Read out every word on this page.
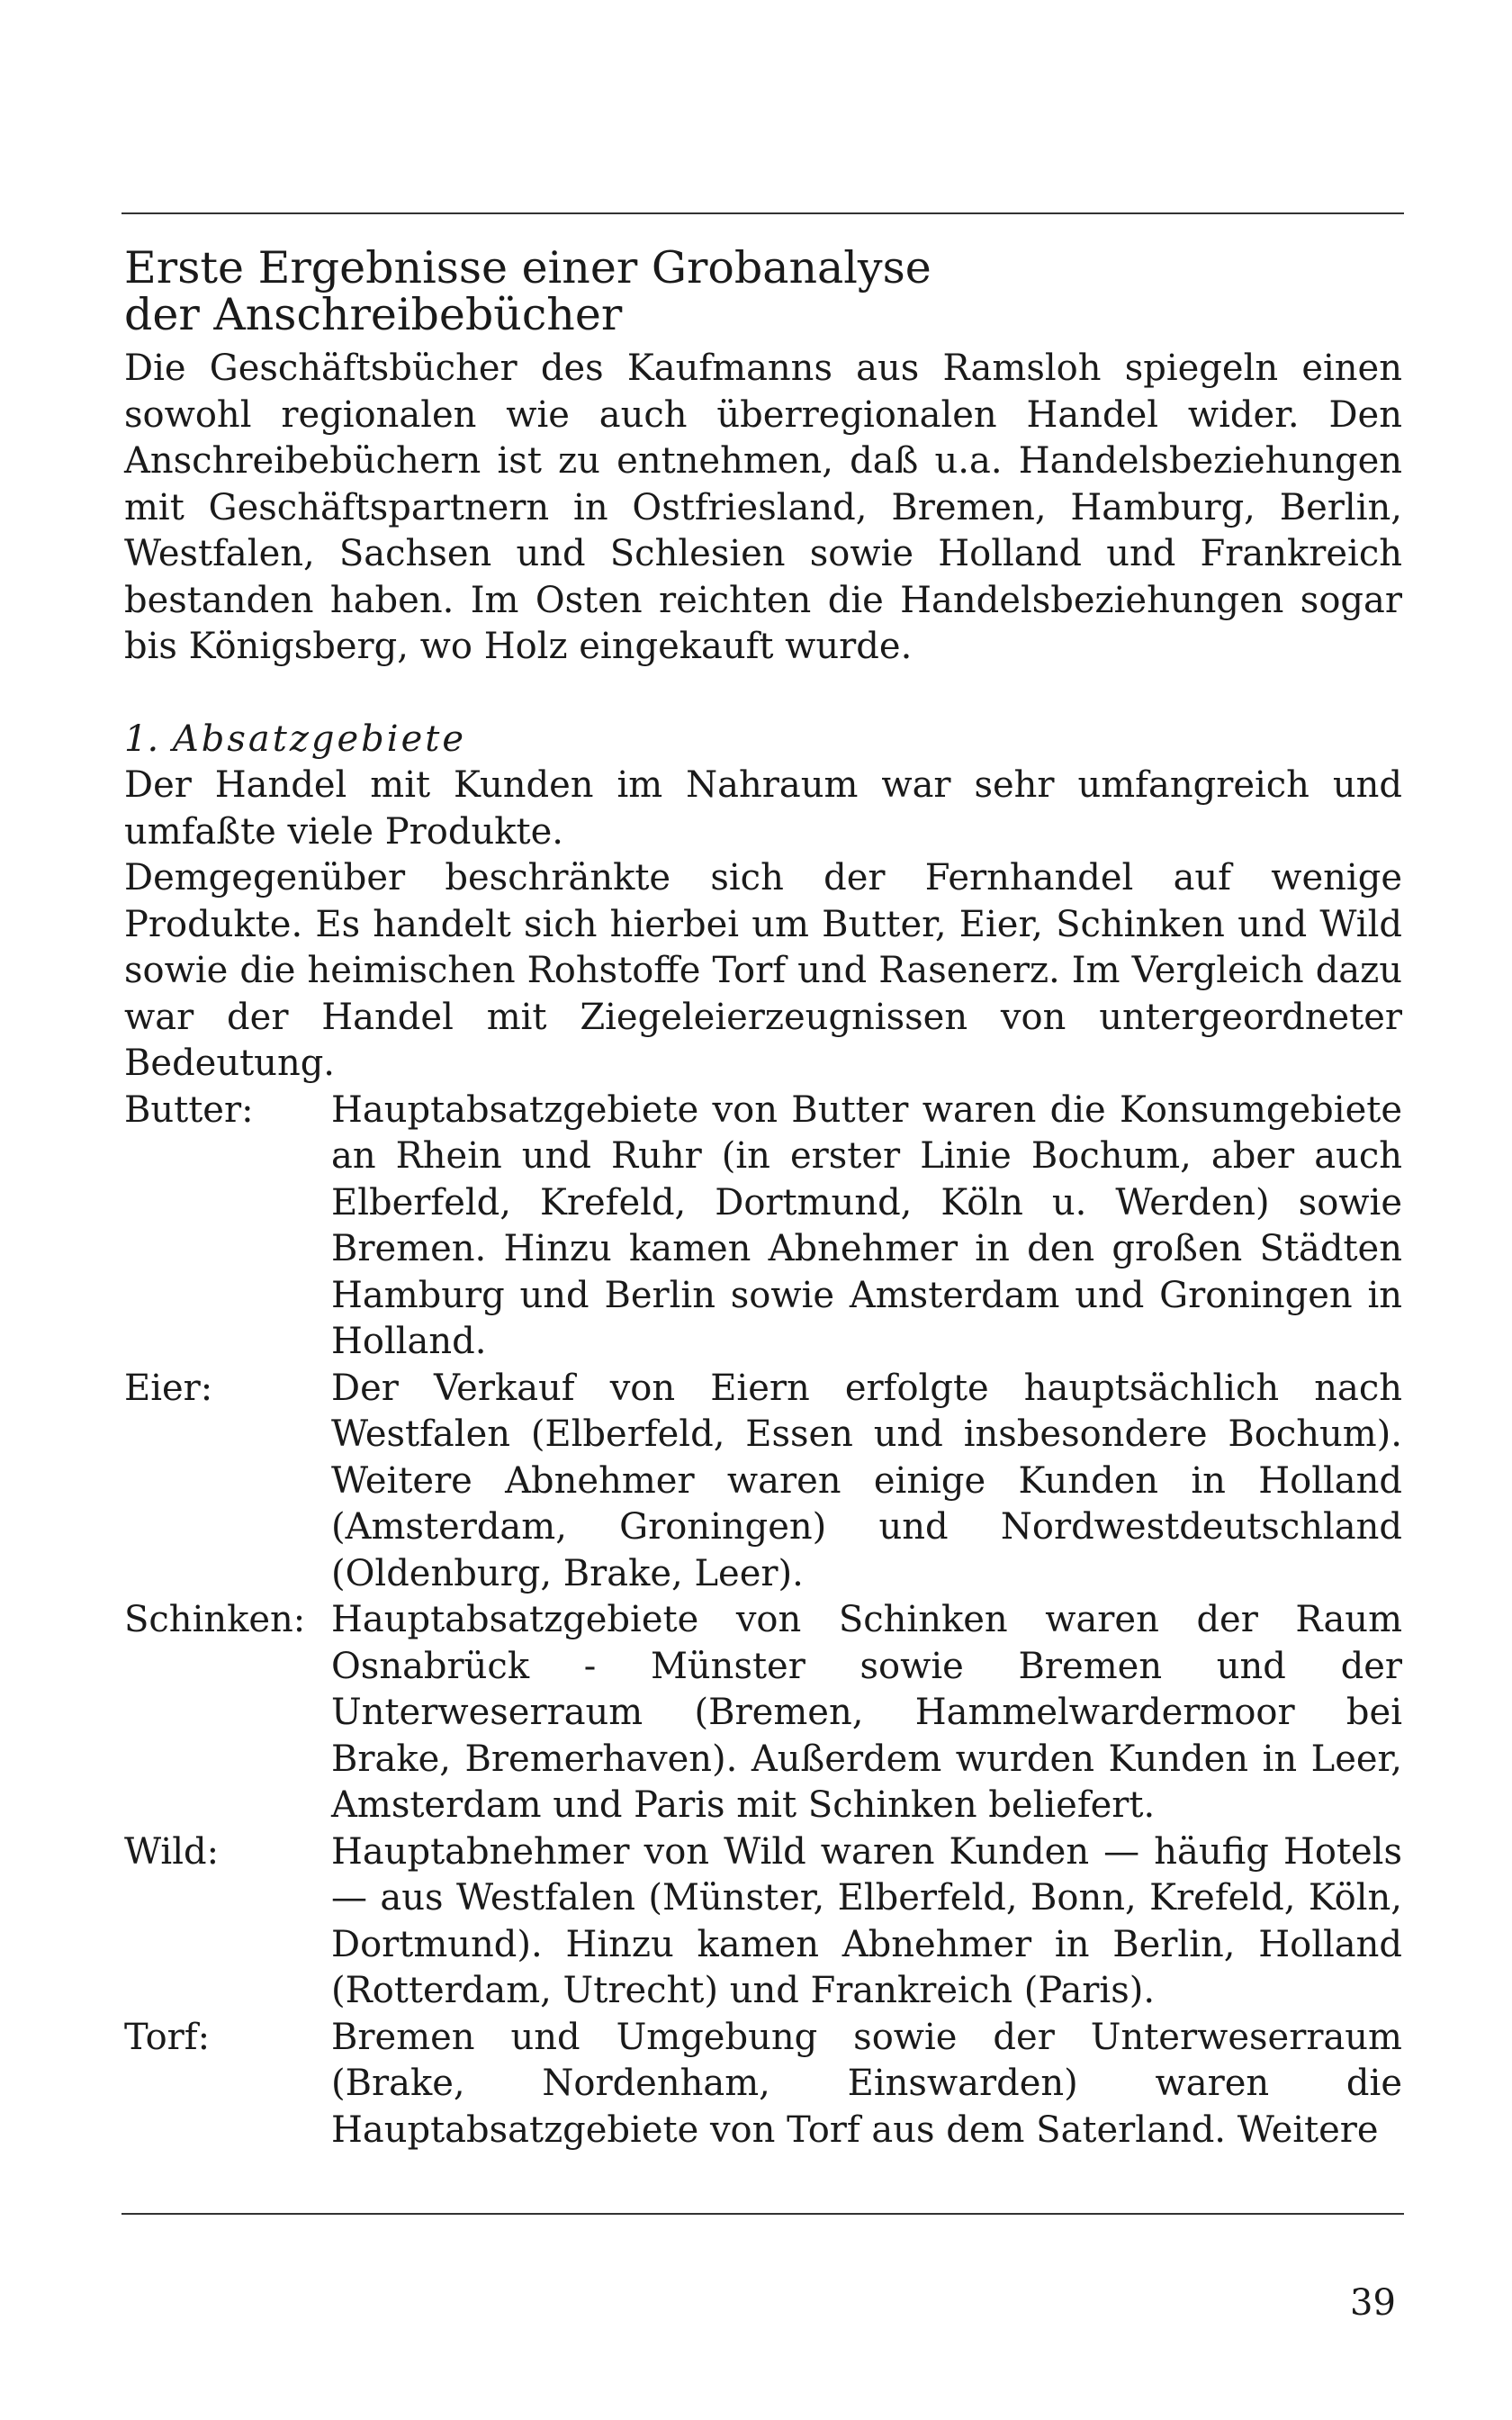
Erste Ergebnisse einer Grobanalyse
der Anschreibebücher

Die Geschäftsbücher des Kaufmanns aus Ramsloh spiegeln einen sowohl regionalen wie auch überregionalen Handel wider. Den Anschreibebüchern ist zu entnehmen, daß u.a. Handelsbeziehungen mit Geschäftspartnern in Ostfriesland, Bremen, Hamburg, Berlin, Westfalen, Sachsen und Schlesien sowie Holland und Frankreich bestanden haben. Im Osten reichten die Handelsbeziehungen sogar bis Königsberg, wo Holz eingekauft wurde.

1. Absatzgebiete

Der Handel mit Kunden im Nahraum war sehr umfangreich und umfaßte viele Produkte.

Demgegenüber beschränkte sich der Fernhandel auf wenige Produkte. Es handelt sich hierbei um Butter, Eier, Schinken und Wild sowie die heimischen Rohstoffe Torf und Rasenerz. Im Vergleich dazu war der Handel mit Ziegeleierzeugnissen von untergeordneter Bedeutung.

Butter:	Hauptabsatzgebiete von Butter waren die Konsumgebiete an Rhein und Ruhr (in erster Linie Bochum, aber auch Elberfeld, Krefeld, Dortmund, Köln u. Werden) sowie Bremen. Hinzu kamen Abnehmer in den großen Städten Hamburg und Berlin sowie Amsterdam und Groningen in Holland.

Eier:	Der Verkauf von Eiern erfolgte hauptsächlich nach Westfalen (Elberfeld, Essen und insbesondere Bochum). Weitere Abnehmer waren einige Kunden in Holland (Amsterdam, Groningen) und Nordwestdeutschland (Oldenburg, Brake, Leer).

Schinken: Hauptabsatzgebiete von Schinken waren der Raum Osnabrück - Münster sowie Bremen und der Unterweserraum (Bremen, Hammelwardermoor bei Brake, Bremerhaven). Außerdem wurden Kunden in Leer, Amsterdam und Paris mit Schinken beliefert.

Wild:	Hauptabnehmer von Wild waren Kunden — häufig Hotels — aus Westfalen (Münster, Elberfeld, Bonn, Krefeld, Köln, Dortmund). Hinzu kamen Abnehmer in Berlin, Holland (Rotterdam, Utrecht) und Frankreich (Paris).

Torf:	Bremen und Umgebung sowie der Unterweserraum (Brake, Nordenham, Einswarden) waren die Hauptabsatzgebiete von Torf aus dem Saterland. Weitere

39
